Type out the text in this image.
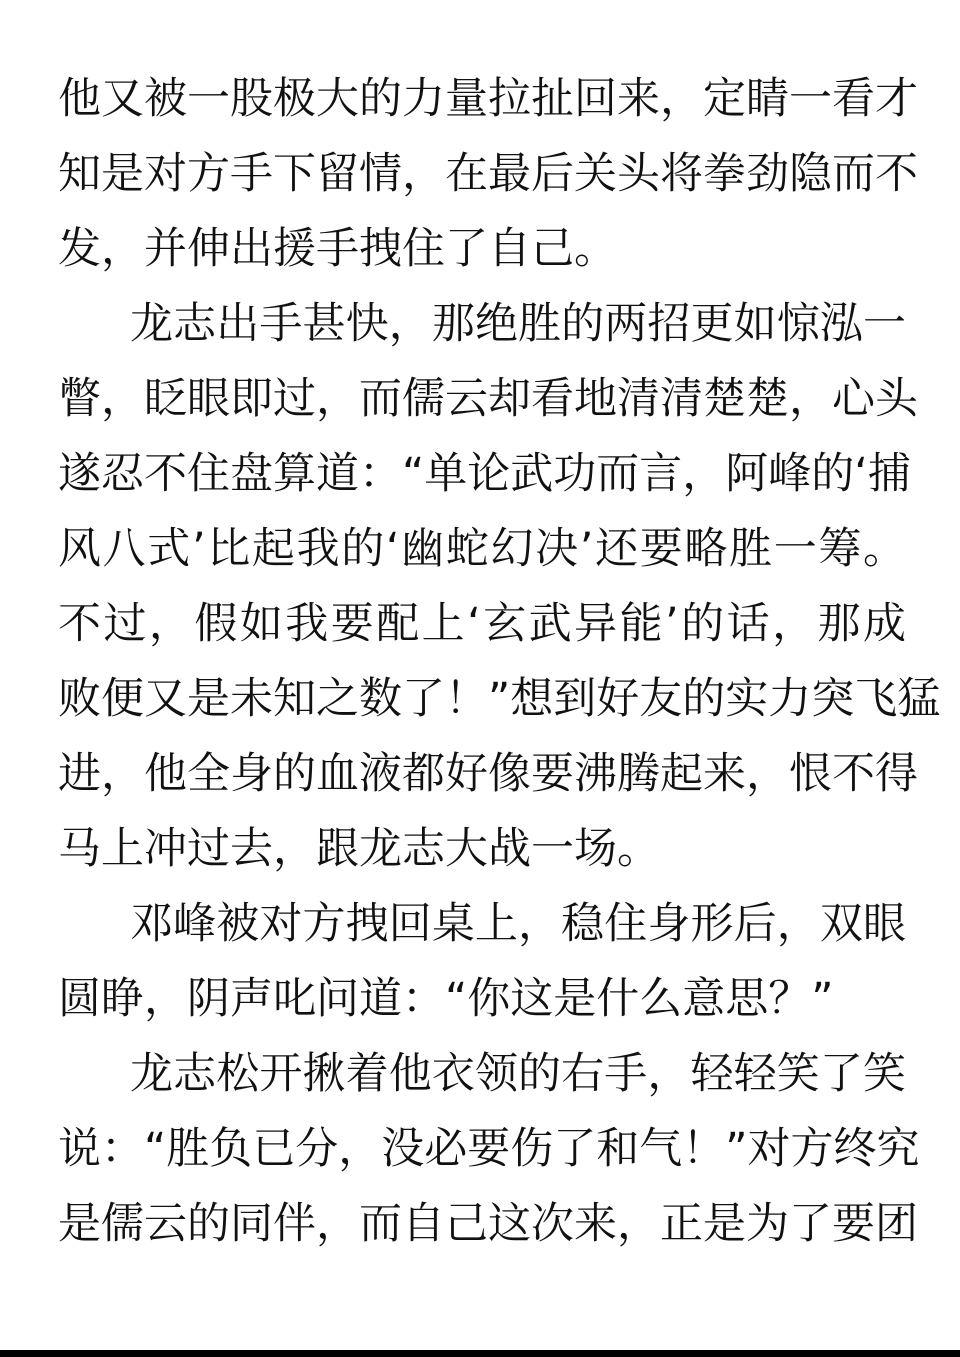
他又被一股极大的力量拉扯回来，定睛一看才
知是对方手下留情，在最后关头将拳劲隐而不
发，并伸出援手拽住了自己。
龙志出手甚快，那绝胜的两招更如惊泓一
瞥，眨眼即过，而儒云却看地清清楚楚，心头
遂忍不住盘算道：“单论武功而言，阿峰的‘捕
风八式’比起我的‘幽蛇幻决’还要略胜一筹。
不过，假如我要配上‘玄武异能’的话，那成
败便又是未知之数了！”想到好友的实力突飞猛
进，他全身的血液都好像要沸腾起来，恨不得
马上冲过去，跟龙志大战一场。
邓峰被对方拽回桌上，稳住身形后，双眼
圆睁，阴声叱问道：“你这是什么意思？”
龙志松开揪着他衣领的右手，轻轻笑了笑
说：“胜负已分，没必要伤了和气！”对方终究
是儒云的同伴，而自己这次来，正是为了要团
